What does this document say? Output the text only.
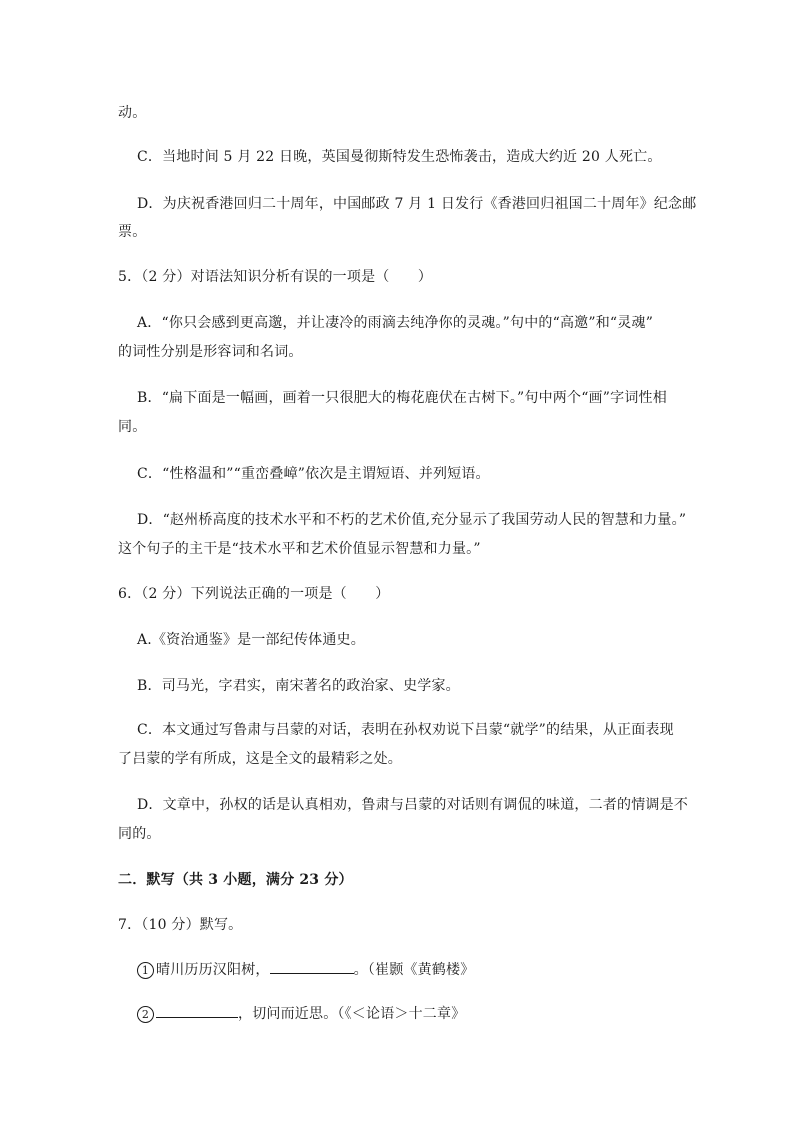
动。
C．当地时间 5 月 22 日晚，英国曼彻斯特发生恐怖袭击，造成大约近 20 人死亡。
D．为庆祝香港回归二十周年，中国邮政 7 月 1 日发行《香港回归祖国二十周年》纪念邮
票。
5．（2 分）对语法知识分析有误的一项是（　　）
A．“你只会感到更高邈，并让凄冷的雨滴去纯净你的灵魂。”句中的“高邀”和“灵魂”
的词性分别是形容词和名词。
B．“扁下面是一幅画，画着一只很肥大的梅花鹿伏在古树下。”句中两个“画”字词性相
同。
C．“性格温和”“重峦叠嶂”依次是主谓短语、并列短语。
D．“赵州桥高度的技术水平和不朽的艺术价值,充分显示了我国劳动人民的智慧和力量。”
这个句子的主干是“技术水平和艺术价值显示智慧和力量。”
6．（2 分）下列说法正确的一项是（　　）
A.《资治通鉴》是一部纪传体通史。
B．司马光，字君实，南宋著名的政治家、史学家。
C．本文通过写鲁肃与吕蒙的对话，表明在孙权劝说下吕蒙“就学”的结果，从正面表现
了吕蒙的学有所成，这是全文的最精彩之处。
D．文章中，孙权的话是认真相劝，鲁肃与吕蒙的对话则有调侃的味道，二者的情调是不
同的。
二．默写（共 3 小题，满分 23 分）
7．（10 分）默写。
1 晴川历历汉阳树，	。（崔颢《黄鹤楼》
2	，切问而近思。（《＜论语＞十二章》
